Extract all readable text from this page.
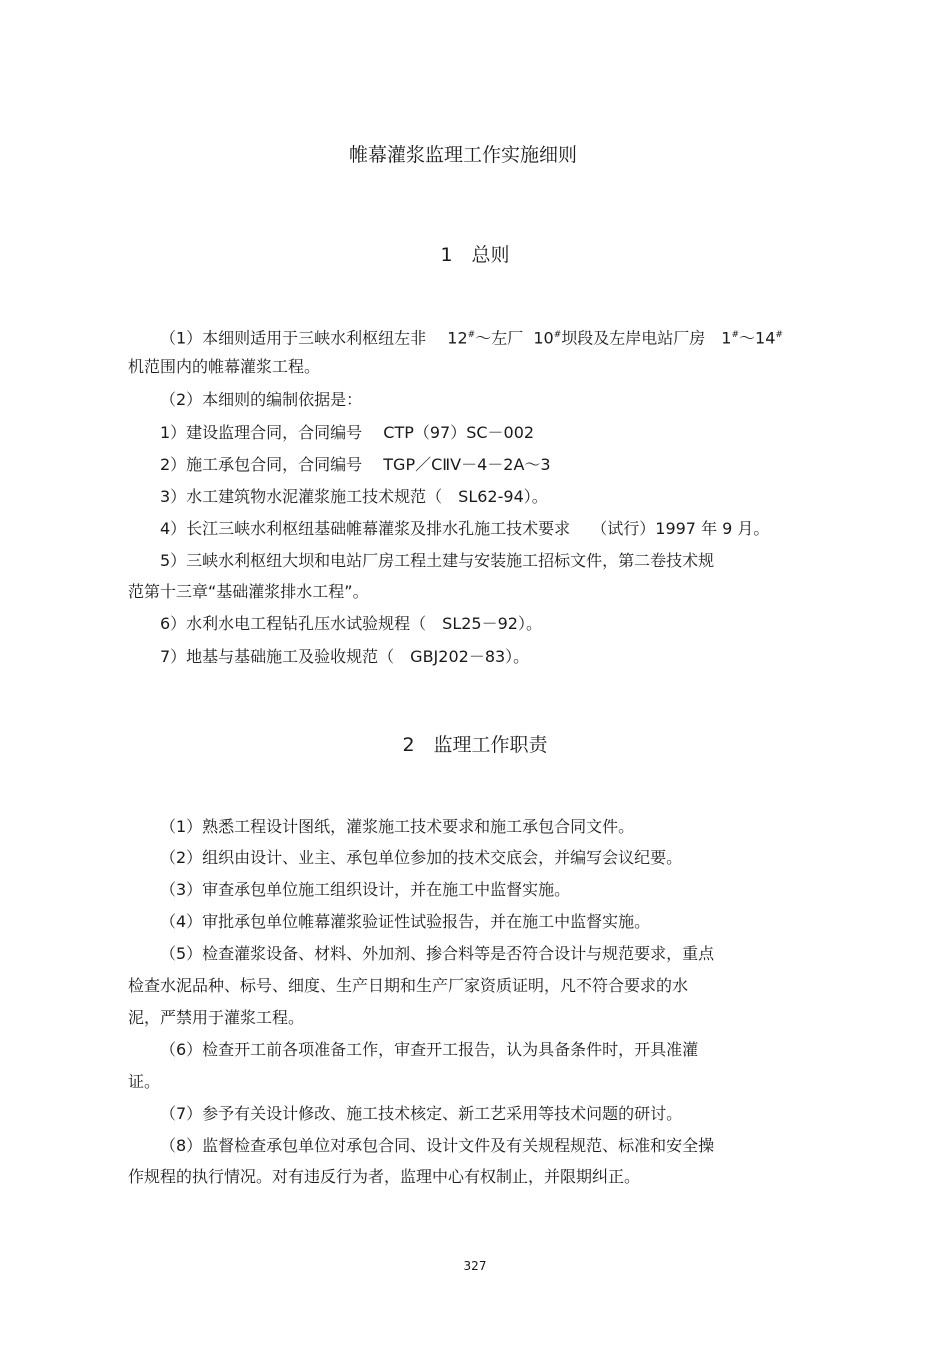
帷幕灌浆监理工作实施细则
1　总则
（1）本细则适用于三峡水利枢纽左非　 12#～左厂  10#坝段及左岸电站厂房　1#～14#
机范围内的帷幕灌浆工程。
（2）本细则的编制依据是：
1）建设监理合同，合同编号　 CTP（97）SC－002
2）施工承包合同，合同编号　 TGP／CⅡV－4－2A～3
3）水工建筑物水泥灌浆施工技术规范（　SL62-94）。
4）长江三峡水利枢纽基础帷幕灌浆及排水孔施工技术要求　 （试行）1997 年 9 月。
5）三峡水利枢纽大坝和电站厂房工程土建与安装施工招标文件，第二卷技术规
范第十三章“基础灌浆排水工程”。
6）水利水电工程钻孔压水试验规程（　SL25－92）。
7）地基与基础施工及验收规范（　GBJ202－83）。
2　监理工作职责
（1）熟悉工程设计图纸，灌浆施工技术要求和施工承包合同文件。
（2）组织由设计、业主、承包单位参加的技术交底会，并编写会议纪要。
（3）审查承包单位施工组织设计，并在施工中监督实施。
（4）审批承包单位帷幕灌浆验证性试验报告，并在施工中监督实施。
（5）检查灌浆设备、材料、外加剂、掺合料等是否符合设计与规范要求，重点
检查水泥品种、标号、细度、生产日期和生产厂家资质证明，凡不符合要求的水
泥，严禁用于灌浆工程。
（6）检查开工前各项准备工作，审查开工报告，认为具备条件时，开具准灌
证。
（7）参予有关设计修改、施工技术核定、新工艺采用等技术问题的研讨。
（8）监督检查承包单位对承包合同、设计文件及有关规程规范、标准和安全操
作规程的执行情况。对有违反行为者，监理中心有权制止，并限期纠正。
327
